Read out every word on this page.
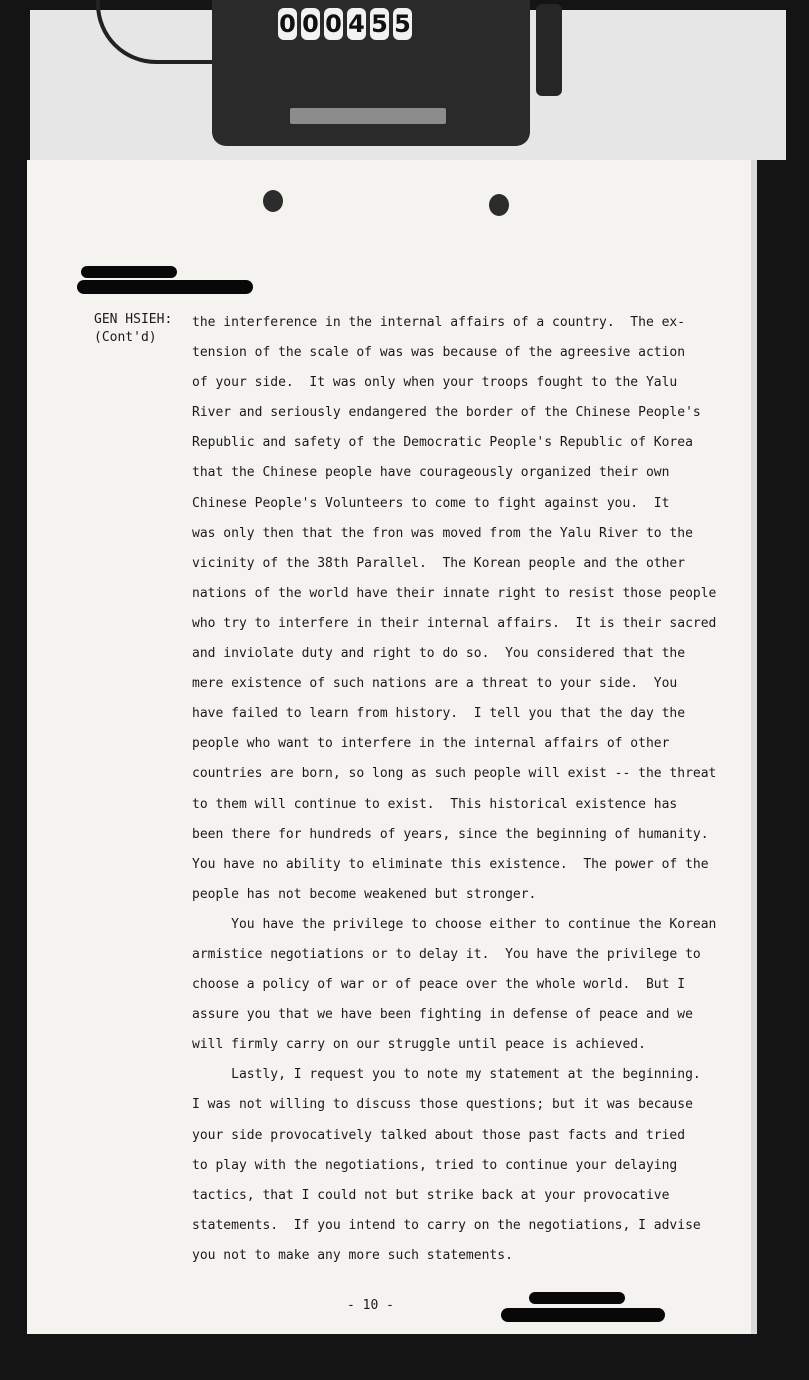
0 0 0 4 5 5
GEN HSIEH:
(Cont'd)
the interference in the internal affairs of a country.  The ex-
tension of the scale of was was because of the agreesive action
of your side.  It was only when your troops fought to the Yalu
River and seriously endangered the border of the Chinese People's
Republic and safety of the Democratic People's Republic of Korea
that the Chinese people have courageously organized their own
Chinese People's Volunteers to come to fight against you.  It
was only then that the fron was moved from the Yalu River to the
vicinity of the 38th Parallel.  The Korean people and the other
nations of the world have their innate right to resist those people
who try to interfere in their internal affairs.  It is their sacred
and inviolate duty and right to do so.  You considered that the
mere existence of such nations are a threat to your side.  You
have failed to learn from history.  I tell you that the day the
people who want to interfere in the internal affairs of other
countries are born, so long as such people will exist -- the threat
to them will continue to exist.  This historical existence has
been there for hundreds of years, since the beginning of humanity.
You have no ability to eliminate this existence.  The power of the
people has not become weakened but stronger.
You have the privilege to choose either to continue the Korean
armistice negotiations or to delay it.  You have the privilege to
choose a policy of war or of peace over the whole world.  But I
assure you that we have been fighting in defense of peace and we
will firmly carry on our struggle until peace is achieved.
Lastly, I request you to note my statement at the beginning.
I was not willing to discuss those questions; but it was because
your side provocatively talked about those past facts and tried
to play with the negotiations, tried to continue your delaying
tactics, that I could not but strike back at your provocative
statements.  If you intend to carry on the negotiations, I advise
you not to make any more such statements.
- 10 -
